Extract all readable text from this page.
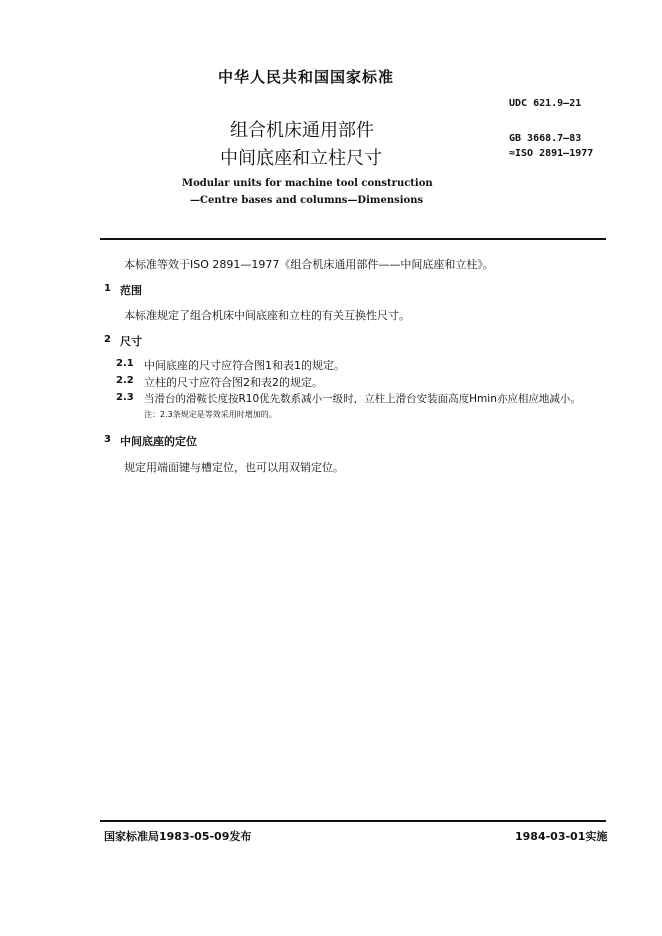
中华人民共和国国家标准
组合机床通用部件
中间底座和立柱尺寸
Modular units for machine tool construction
—Centre bases and columns—Dimensions
UDC 621.9—21
GB 3668.7—83
≈ISO 2891—1977
本标准等效于ISO 2891—1977《组合机床通用部件——中间底座和立柱》。
1 范围
本标准规定了组合机床中间底座和立柱的有关互换性尺寸。
2 尺寸
2.1 中间底座的尺寸应符合图1和表1的规定。
2.2 立柱的尺寸应符合图2和表2的规定。
2.3 当滑台的滑鞍长度按R10优先数系减小一级时，立柱上滑台安装面高度Hmin亦应相应地减小。
注：2.3条规定是等效采用时增加的。
3 中间底座的定位
规定用端面键与槽定位，也可以用双销定位。
国家标准局1983-05-09发布	1984-03-01实施
